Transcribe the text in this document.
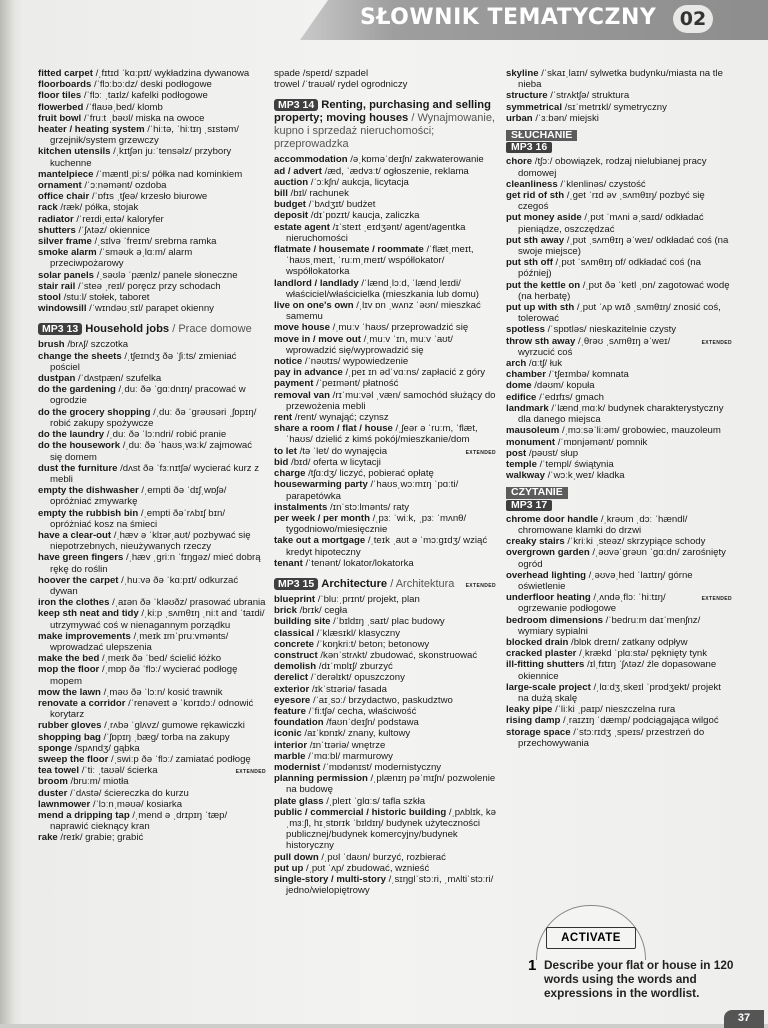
SŁOWNIK TEMATYCZNY	02

fitted carpet /ˌfɪtɪd ˈkɑːpɪt/ wykładzina dywanowa

floorboards /ˈflɔːbɔːdz/ deski podłogowe

floor tiles /ˈflɔː ˌtaɪlz/ kafelki podłogowe

flowerbed /ˈflaʊəˌbed/ klomb

fruit bowl /ˈfruːt ˌbəʊl/ miska na owoce

heater / heating system /ˈhiːtə, ˈhiːtɪŋ ˌsɪstəm/ grzejnik/system grzewczy

kitchen utensils /ˌkɪtʃən juːˈtensəlz/ przybory kuchenne

mantelpiece /ˈmæntlˌpiːs/ półka nad kominkiem

ornament /ˈɔːnəmənt/ ozdoba

office chair /ˈɒfɪs ˌtʃeə/ krzesło biurowe

rack /ræk/ półka, stojak

radiator /ˈreɪdiˌeɪtə/ kaloryfer

shutters /ˈʃʌtəz/ okiennice

silver frame /ˌsɪlvə ˈfreɪm/ srebrna ramka

smoke alarm /ˈsməʊk əˌlɑːm/ alarm przeciwpożarowy

solar panels /ˌsəʊlə ˈpænlz/ panele słoneczne

stair rail /ˈsteə ˌreɪl/ poręcz przy schodach

stool /stuːl/ stołek, taboret

windowsill /ˈwɪndəʊˌsɪl/ parapet okienny

MP3 13 Household jobs / Prace domowe

brush /brʌʃ/ szczotka

change the sheets /ˌtʃeɪndʒ ðə ˈʃiːts/ zmieniać pościel

dustpan /ˈdʌstpæn/ szufelka

do the gardening /ˌduː ðə ˈɡɑːdnɪŋ/ pracować w ogrodzie

do the grocery shopping /ˌduː ðə ˈɡrəʊsəri ˌʃɒpɪŋ/ robić zakupy spożywcze

do the laundry /ˌduː ðə ˈlɔːndri/ robić pranie

do the housework /ˌduː ðə ˈhaʊsˌwɜːk/ zajmować się domem

dust the furniture /dʌst ðə ˈfɜːnɪtʃə/ wycierać kurz z mebli

empty the dishwasher /ˌempti ðə ˈdɪʃˌwɒʃə/ opróżniać zmywarkę

empty the rubbish bin /ˌempti ðəˈrʌbɪʃ bɪn/ opróżniać kosz na śmieci

have a clear-out /ˌhæv ə ˈklɪərˌaʊt/ pozbywać się niepotrzebnych, nieużywanych rzeczy

have green fingers /ˌhæv ˌɡriːn ˈfɪŋɡəz/ mieć dobrą rękę do roślin

hoover the carpet /ˌhuːvə ðə ˈkɑːpɪt/ odkurzać dywan

iron the clothes /ˌaɪən ðə ˈkləʊðz/ prasować ubrania

keep sth neat and tidy /ˌkiːp ˌsʌmθɪŋ ˌniːt and ˈtaɪdi/ utrzymywać coś w nienagannym porządku

make improvements /ˌmeɪk ɪmˈpruːvmənts/ wprowadzać ulepszenia

make the bed /ˌmeɪk ðə ˈbed/ ścielić łóżko

mop the floor /ˌmɒp ðə ˈflɔː/ wycierać podłogę mopem

mow the lawn /ˌməʊ ðə ˈlɔːn/ kosić trawnik

renovate a corridor /ˈrenəveɪt ə ˈkɒrɪdɔː/ odnowić korytarz

rubber gloves /ˌrʌbə ˈɡlʌvz/ gumowe rękawiczki

shopping bag /ˈʃɒpɪŋ ˌbæɡ/ torba na zakupy

sponge /spʌndʒ/ gąbka

sweep the floor /ˌswiːp ðə ˈflɔː/ zamiatać podłogę

EXTENDED
tea towel /ˈtiː ˌtaʊəl/ ścierka

broom /bruːm/ miotła

duster /ˈdʌstə/ ściereczka do kurzu

lawnmower /ˈlɔːnˌməʊə/ kosiarka

mend a dripping tap /ˌmend ə ˌdrɪpɪŋ ˈtæp/ naprawić cieknący kran

rake /reɪk/ grabie; grabić

spade /speɪd/ szpadel

trowel /ˈtraʊəl/ rydel ogrodniczy

MP3 14 Renting, purchasing and selling property; moving houses / Wynajmowanie, kupno i sprzedaż nieruchomości; przeprowadzka

accommodation /əˌkɒməˈdeɪʃn/ zakwaterowanie

ad / advert /æd, ˈædvɜːt/ ogłoszenie, reklama

auction /ˈɔːkʃn/ aukcja, licytacja

bill /bɪl/ rachunek

budget /ˈbʌdʒɪt/ budżet

deposit /dɪˈpɒzɪt/ kaucja, zaliczka

estate agent /ɪˈsteɪt ˌeɪdʒənt/ agent/agentka nieruchomości

flatmate / housemate / roommate /ˈflætˌmeɪt, ˈhaʊsˌmeɪt, ˈruːmˌmeɪt/ współlokator/ współlokatorka

landlord / landlady /ˈlændˌlɔːd, ˈlændˌleɪdi/ właściciel/właścicielka (mieszkania lub domu)

live on one's own /ˌlɪv ɒn ˌwʌnz ˈəʊn/ mieszkać samemu

move house /ˌmuːv ˈhaʊs/ przeprowadzić się

move in / move out /ˌmuːv ˈɪn, muːv ˈaʊt/ wprowadzić się/wyprowadzić się

notice /ˈnəʊtɪs/ wypowiedzenie

pay in advance /ˌpeɪ ɪn ədˈvɑːns/ zapłacić z góry

payment /ˈpeɪmənt/ płatność

removal van /rɪˈmuːvəl ˌvæn/ samochód służący do przewożenia mebli

rent /rent/ wynająć; czynsz

share a room / flat / house /ˌʃeər ə ˈruːm, ˈflæt, ˈhaʊs/ dzielić z kimś pokój/mieszkanie/dom

EXTENDED
to let /tə ˈlet/ do wynajęcia

bid /bɪd/ oferta w licytacji

charge /tʃɑːdʒ/ liczyć, pobierać opłatę

housewarming party /ˈhaʊsˌwɔːmɪŋ ˈpɑːti/ parapetówka

instalments /ɪnˈstɔːlmənts/ raty

per week / per month /ˌpɜː ˈwiːk, ˌpɜː ˈmʌnθ/ tygodniowo/miesięcznie

take out a mortgage /ˌteɪk ˌaʊt ə ˈmɔːɡɪdʒ/ wziąć kredyt hipoteczny

tenant /ˈtenənt/ lokator/lokatorka

MP3 15 Architecture / Architektura EXTENDED

blueprint /ˈbluːˌprɪnt/ projekt, plan

brick /brɪk/ cegła

building site /ˈbɪldɪŋ ˌsaɪt/ plac budowy

classical /ˈklæsɪkl/ klasyczny

concrete /ˈkɒŋkriːt/ beton; betonowy

construct /kənˈstrʌkt/ zbudować, skonstruować

demolish /dɪˈmɒlɪʃ/ zburzyć

derelict /ˈderəlɪkt/ opuszczony

exterior /ɪkˈstɪəriə/ fasada

eyesore /ˈaɪˌsɔː/ brzydactwo, paskudztwo

feature /ˈfiːtʃə/ cecha, właściwość

foundation /faʊnˈdeɪʃn/ podstawa

iconic /aɪˈkɒnɪk/ znany, kultowy

interior /ɪnˈtɪəriə/ wnętrze

marble /ˈmɑːbl/ marmurowy

modernist /ˈmɒdənɪst/ modernistyczny

planning permission /ˌplænɪŋ pəˈmɪʃn/ pozwolenie na budowę

plate glass /ˌpleɪt ˈɡlɑːs/ tafla szkła

public / commercial / historic building /ˌpʌblɪk, kəˌmɜːʃl, hɪˌstɒrɪk ˈbɪldɪŋ/ budynek użyteczności publicznej/budynek komercyjny/budynek historyczny

pull down /ˌpʊl ˈdaʊn/ burzyć, rozbierać

put up /ˌpʊt ˈʌp/ zbudować, wznieść

single-story / multi-story /ˌsɪŋɡlˈstɔːri, ˌmʌltiˈstɔːri/ jedno/wielopiętrowy

skyline /ˈskaɪˌlaɪn/ sylwetka budynku/miasta na tle nieba

structure /ˈstrʌktʃə/ struktura

symmetrical /sɪˈmetrɪkl/ symetryczny

urban /ˈɜːbən/ miejski

SŁUCHANIE
MP3 16

chore /tʃɔː/ obowiązek, rodzaj nielubianej pracy domowej

cleanliness /ˈklenlinəs/ czystość

get rid of sth /ˌɡet ˈrɪd əv ˌsʌmθɪŋ/ pozbyć się czegoś

put money aside /ˌpʊt ˈmʌni əˌsaɪd/ odkładać pieniądze, oszczędzać

put sth away /ˌpʊt ˌsʌmθɪŋ əˈweɪ/ odkładać coś (na swoje miejsce)

put sth off /ˌpʊt ˈsʌmθɪŋ ɒf/ odkładać coś (na później)

put the kettle on /ˌpʊt ðə ˈketl ˌɒn/ zagotować wodę (na herbatę)

put up with sth /ˌpʊt ˈʌp wɪð ˌsʌmθɪŋ/ znosić coś, tolerować

spotless /ˈspɒtləs/ nieskazitelnie czysty

EXTENDED
throw sth away /ˌθrəʊ ˌsʌmθɪŋ əˈweɪ/ wyrzucić coś

arch /ɑːtʃ/ łuk

chamber /ˈtʃeɪmbə/ komnata

dome /dəʊm/ kopuła

edifice /ˈedɪfɪs/ gmach

landmark /ˈlændˌmɑːk/ budynek charakterystyczny dla danego miejsca

mausoleum /ˌmɔːsəˈliːəm/ grobowiec, mauzoleum

monument /ˈmɒnjəmənt/ pomnik

post /pəʊst/ słup

temple /ˈtempl/ świątynia

walkway /ˈwɔːkˌweɪ/ kładka

CZYTANIE
MP3 17

chrome door handle /ˌkrəʊm ˌdɔː ˈhændl/ chromowane klamki do drzwi

creaky stairs /ˈkriːki ˌsteəz/ skrzypiące schody

overgrown garden /ˌəʊvəˈɡrəʊn ˈɡɑːdn/ zarośnięty ogród

overhead lighting /ˌəʊvəˌhed ˈlaɪtɪŋ/ górne oświetlenie

EXTENDED
underfloor heating /ˌʌndəˌflɔː ˈhiːtɪŋ/ ogrzewanie podłogowe

bedroom dimensions /ˈbedruːm daɪˈmenʃnz/ wymiary sypialni

blocked drain /blɒk dreɪn/ zatkany odpływ

cracked plaster /ˌkrækd ˈplɑːstə/ pęknięty tynk

ill-fitting shutters /ɪlˌfɪtɪŋ ˈʃʌtəz/ źle dopasowane okiennice

large-scale project /ˌlɑːdʒˌskeɪl ˈprɒdʒekt/ projekt na dużą skalę

leaky pipe /ˈliːki ˌpaɪp/ nieszczelna rura

rising damp /ˌraɪzɪŋ ˈdæmp/ podciągająca wilgoć

storage space /ˈstɔːrɪdʒ ˌspeɪs/ przestrzeń do przechowywania

ACTIVATE
1 Describe your flat or house in 120 words using the words and expressions in the wordlist.
37
